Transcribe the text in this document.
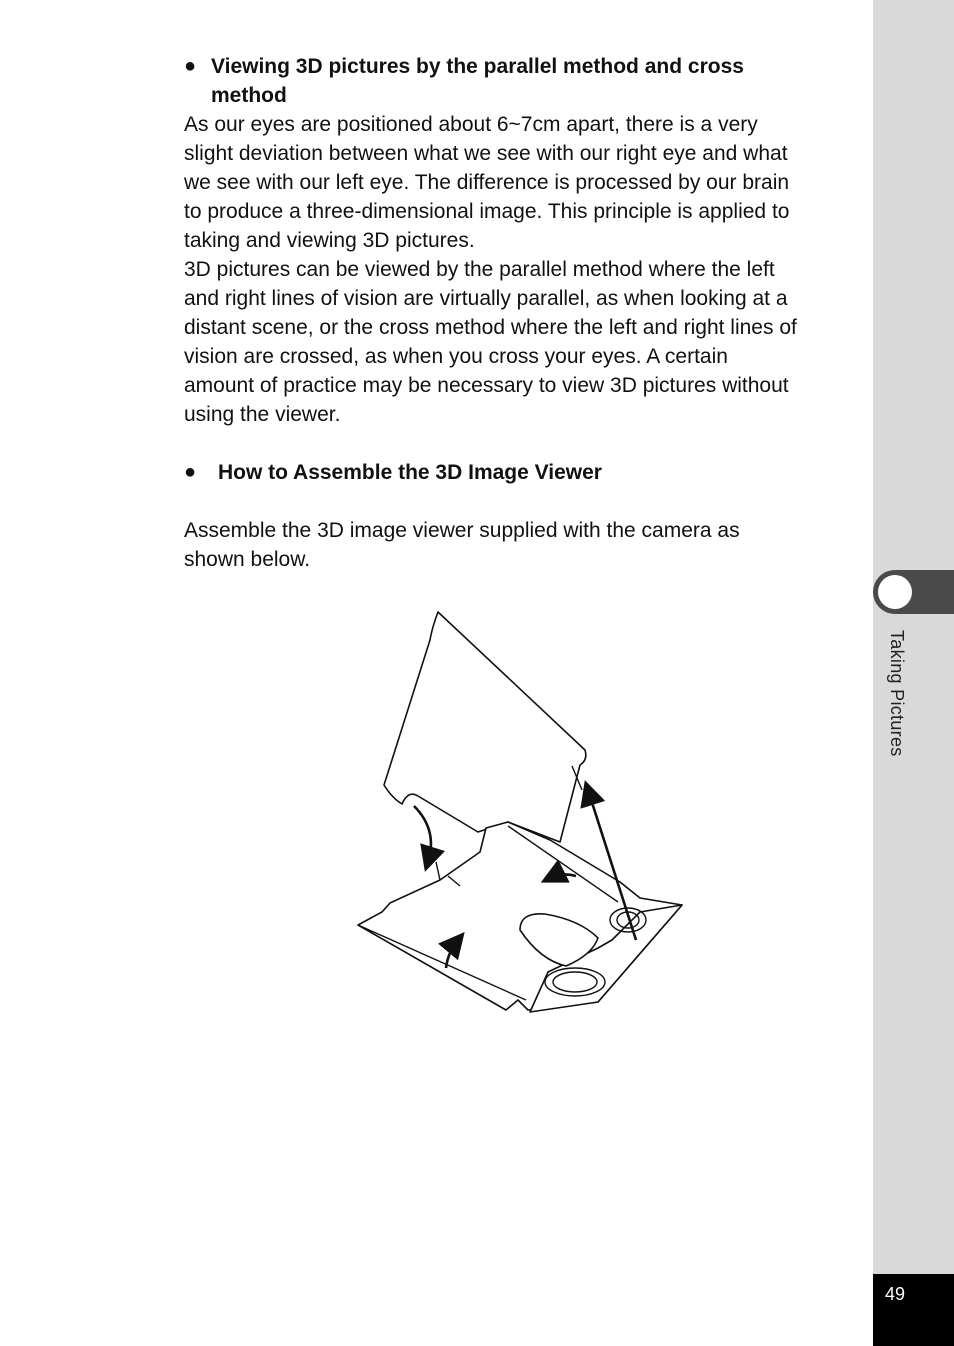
Taking Pictures
49
● Viewing 3D pictures by the parallel method and cross
method
As our eyes are positioned about 6~7cm apart, there is a very
slight deviation between what we see with our right eye and what
we see with our left eye. The difference is processed by our brain
to produce a three-dimensional image. This principle is applied to
taking and viewing 3D pictures.
3D pictures can be viewed by the parallel method where the left
and right lines of vision are virtually parallel, as when looking at a
distant scene, or the cross method where the left and right lines of
vision are crossed, as when you cross your eyes. A certain
amount of practice may be necessary to view 3D pictures without
using the viewer.
● How to Assemble the 3D Image Viewer
Assemble the 3D image viewer supplied with the camera as
shown below.
